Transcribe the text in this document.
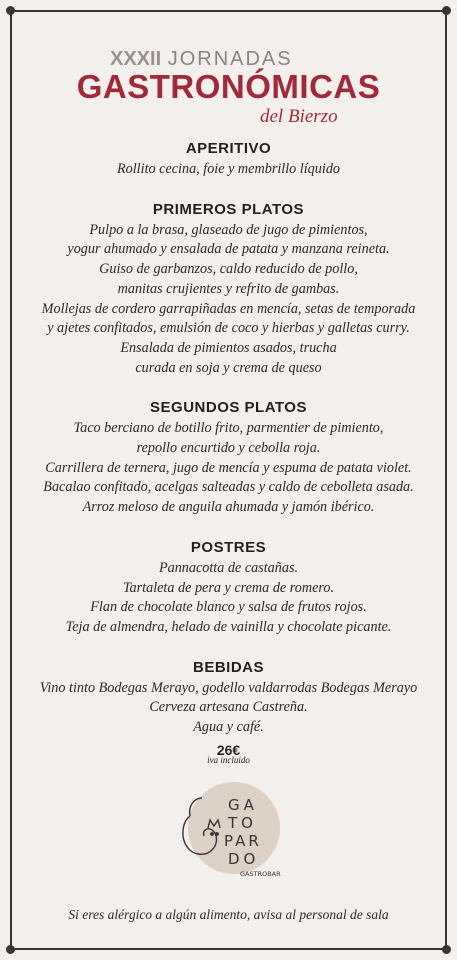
XXXII JORNADAS
GASTRONÓMICAS
del Bierzo
APERITIVO
Rollito cecina, foie y membrillo líquido
PRIMEROS PLATOS
Pulpo a la brasa, glaseado de jugo de pimientos,
yogur ahumado y ensalada de patata y manzana reineta.
Guiso de garbanzos, caldo reducido de pollo,
manitas crujientes y refrito de gambas.
Mollejas de cordero garrapiñadas en mencía, setas de temporada
y ajetes confitados, emulsión de coco y hierbas y galletas curry.
Ensalada de pimientos asados, trucha
curada en soja y crema de queso
SEGUNDOS PLATOS
Taco berciano de botillo frito, parmentier de pimiento,
repollo encurtido y cebolla roja.
Carrillera de ternera, jugo de mencía y espuma de patata violet.
Bacalao confitado, acelgas salteadas y caldo de cebolleta asada.
Arroz meloso de anguila ahumada y jamón ibérico.
POSTRES
Pannacotta de castañas.
Tartaleta de pera y crema de romero.
Flan de chocolate blanco y salsa de frutos rojos.
Teja de almendra, helado de vainilla y chocolate picante.
BEBIDAS
Vino tinto Bodegas Merayo, godello valdarrodas Bodegas Merayo
Cerveza artesana Castreña.
Agua y café.
26€
iva incluido
GA
TO
PAR
DO
GASTROBAR
Si eres alérgico a algún alimento, avisa al personal de sala
